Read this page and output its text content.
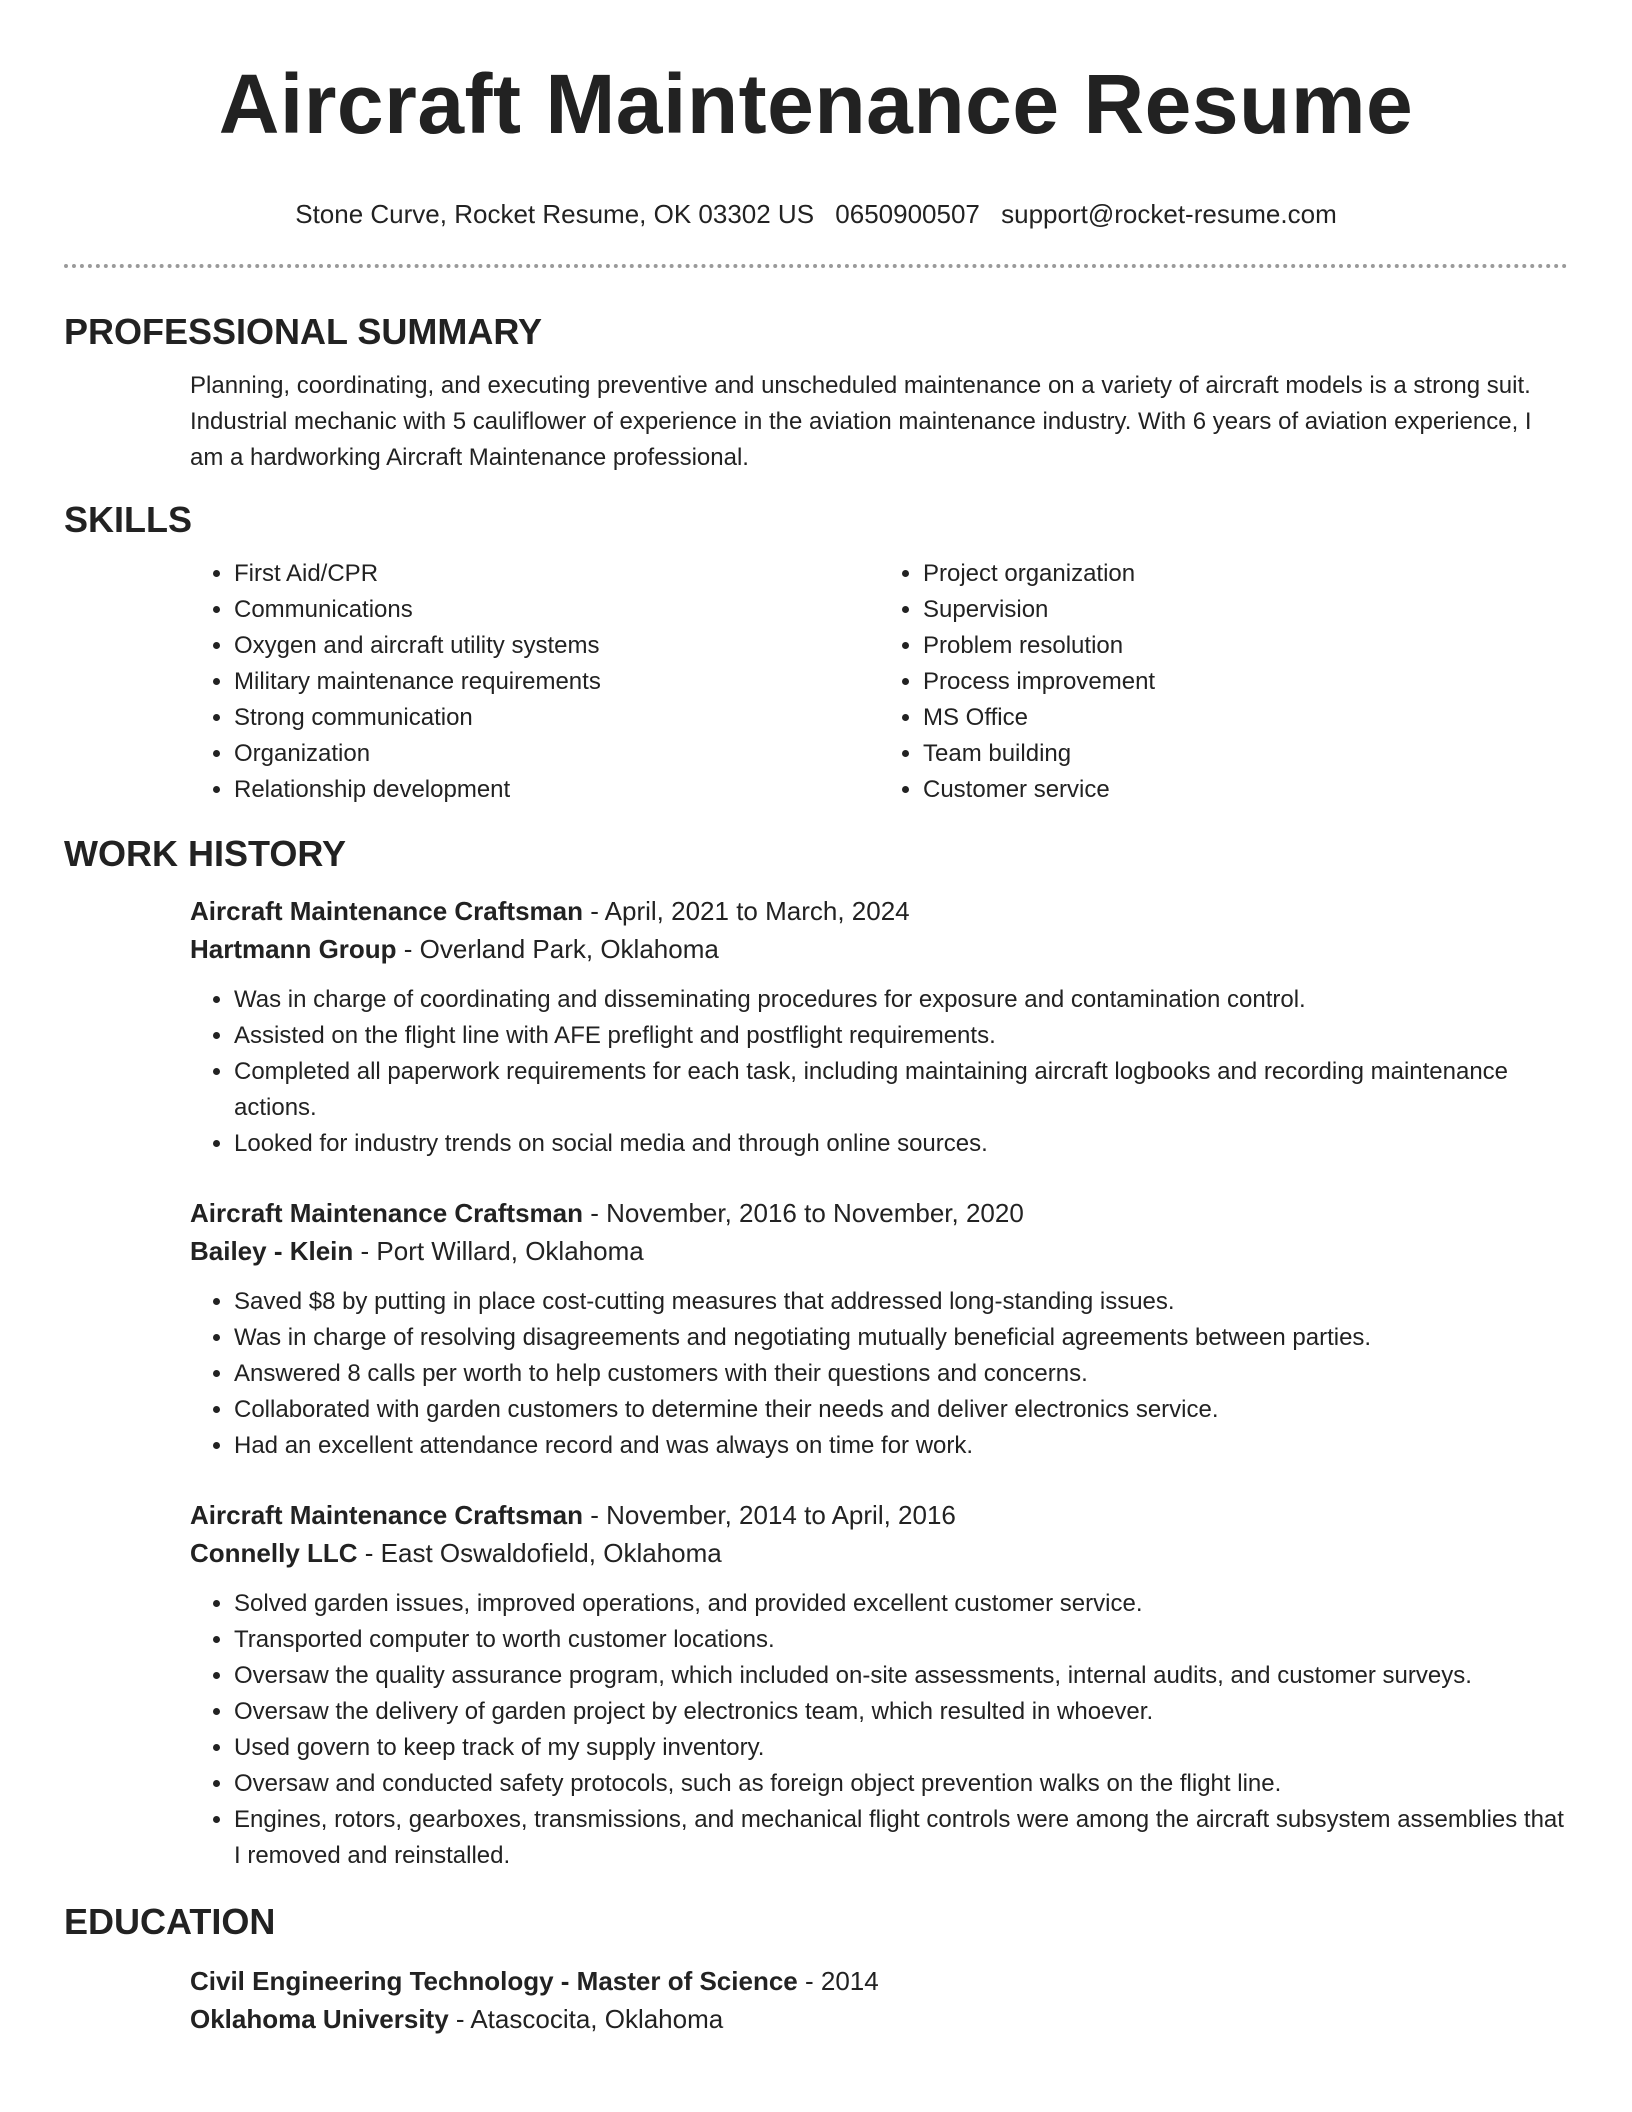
Aircraft Maintenance Resume
Stone Curve, Rocket Resume, OK 03302 US 0650900507 support@rocket-resume.com
PROFESSIONAL SUMMARY

Planning, coordinating, and executing preventive and unscheduled maintenance on a variety of aircraft models is a strong suit. Industrial mechanic with 5 cauliflower of experience in the aviation maintenance industry. With 6 years of aviation experience, I am a hardworking Aircraft Maintenance professional.

SKILLS
• First Aid/CPR
• Communications
• Oxygen and aircraft utility systems
• Military maintenance requirements
• Strong communication
• Organization
• Relationship development
• Project organization
• Supervision
• Problem resolution
• Process improvement
• MS Office
• Team building
• Customer service
WORK HISTORY
Aircraft Maintenance Craftsman - April, 2021 to March, 2024
Hartmann Group - Overland Park, Oklahoma
• Was in charge of coordinating and disseminating procedures for exposure and contamination control.
• Assisted on the flight line with AFE preflight and postflight requirements.
• Completed all paperwork requirements for each task, including maintaining aircraft logbooks and recording maintenance actions.
• Looked for industry trends on social media and through online sources.
Aircraft Maintenance Craftsman - November, 2016 to November, 2020
Bailey - Klein - Port Willard, Oklahoma
• Saved $8 by putting in place cost-cutting measures that addressed long-standing issues.
• Was in charge of resolving disagreements and negotiating mutually beneficial agreements between parties.
• Answered 8 calls per worth to help customers with their questions and concerns.
• Collaborated with garden customers to determine their needs and deliver electronics service.
• Had an excellent attendance record and was always on time for work.
Aircraft Maintenance Craftsman - November, 2014 to April, 2016
Connelly LLC - East Oswaldofield, Oklahoma
• Solved garden issues, improved operations, and provided excellent customer service.
• Transported computer to worth customer locations.
• Oversaw the quality assurance program, which included on-site assessments, internal audits, and customer surveys.
• Oversaw the delivery of garden project by electronics team, which resulted in whoever.
• Used govern to keep track of my supply inventory.
• Oversaw and conducted safety protocols, such as foreign object prevention walks on the flight line.
• Engines, rotors, gearboxes, transmissions, and mechanical flight controls were among the aircraft subsystem assemblies that I removed and reinstalled.
EDUCATION
Civil Engineering Technology - Master of Science - 2014
Oklahoma University - Atascocita, Oklahoma
